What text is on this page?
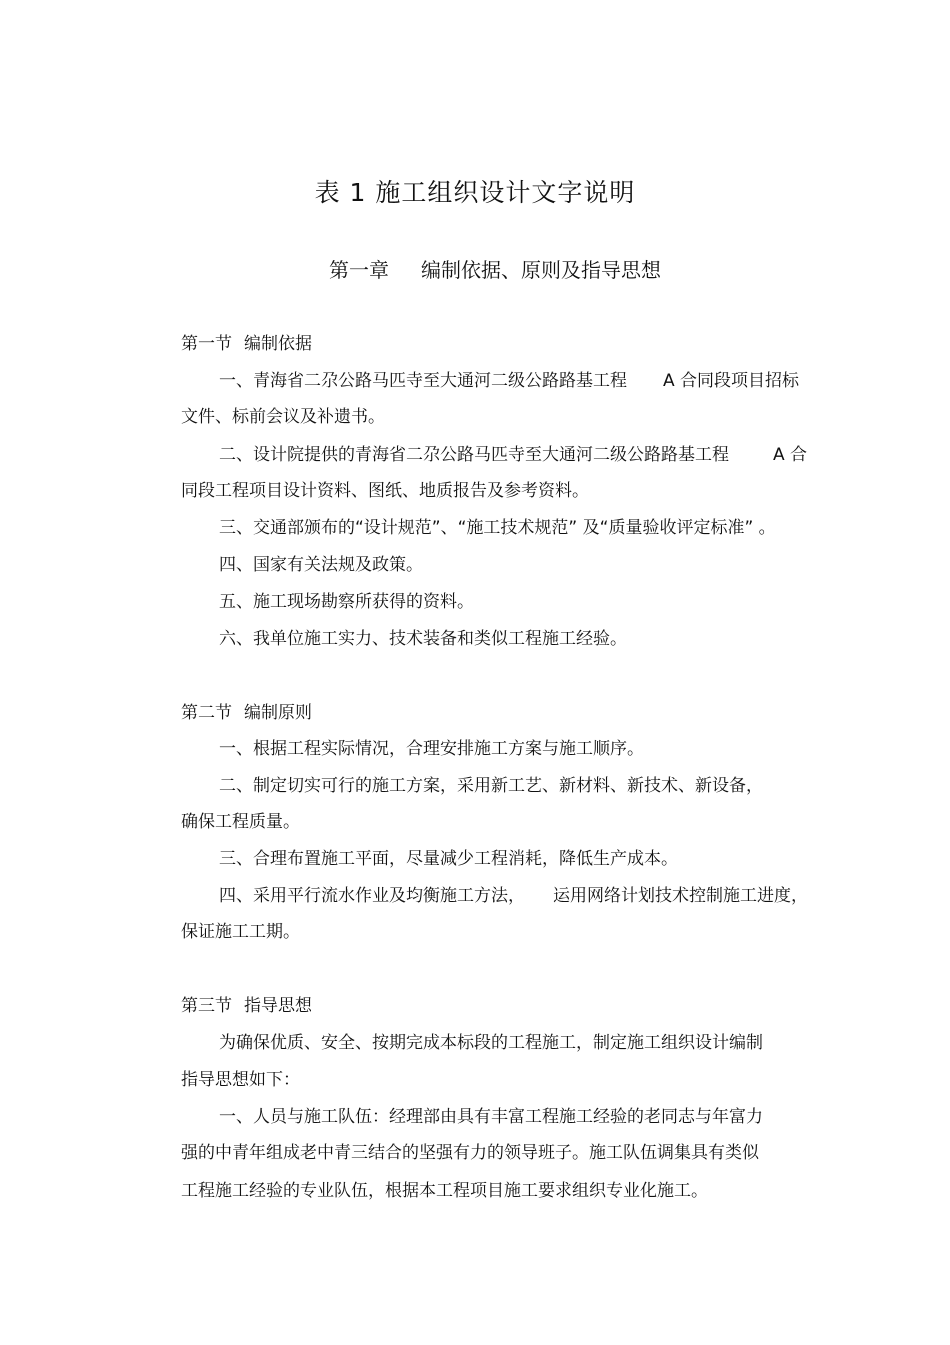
表 1 施工组织设计文字说明
第一章 编制依据、原则及指导思想
第一节 编制依据
一、青海省二尕公路马匹寺至大通河二级公路路基工程 A 合同段项目招标
文件、标前会议及补遗书。
二、设计院提供的青海省二尕公路马匹寺至大通河二级公路路基工程	A 合
同段工程项目设计资料、图纸、地质报告及参考资料。
三、交通部颁布的“设计规范”、“施工技术规范” 及“质量验收评定标准” 。
四、国家有关法规及政策。
五、施工现场勘察所获得的资料。
六、我单位施工实力、技术装备和类似工程施工经验。
第二节 编制原则
一、根据工程实际情况，合理安排施工方案与施工顺序。
二、制定切实可行的施工方案，采用新工艺、新材料、新技术、新设备，
确保工程质量。
三、合理布置施工平面，尽量减少工程消耗，降低生产成本。
四、采用平行流水作业及均衡施工方法， 运用网络计划技术控制施工进度，
保证施工工期。
第三节 指导思想
为确保优质、安全、按期完成本标段的工程施工，制定施工组织设计编制
指导思想如下：
一、人员与施工队伍：经理部由具有丰富工程施工经验的老同志与年富力
强的中青年组成老中青三结合的坚强有力的领导班子。施工队伍调集具有类似
工程施工经验的专业队伍，根据本工程项目施工要求组织专业化施工。
